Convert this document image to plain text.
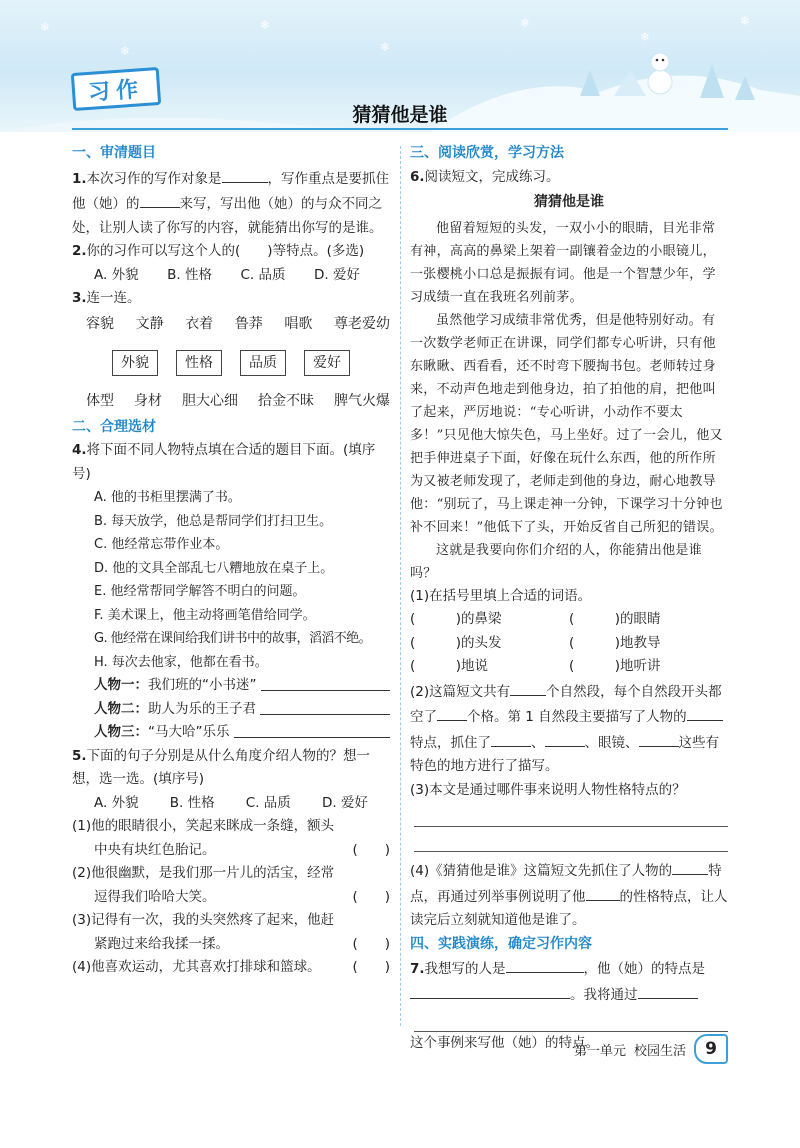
❄
❄
❄
❄
❄
❄
❄
习作
猜猜他是谁
一、审清题目

1.本次习作的写作对象是	，写作重点是要抓住他（她）的	来写，写出他（她）的与众不同之处，让别人读了你写的内容，就能猜出你写的是谁。

2.你的习作可以写这个人的(　　)等特点。(多选)

A. 外貌 B. 性格 C. 品质 D. 爱好

3.连一连。

容貌 文静 衣着 鲁莽 唱歌 尊老爱幼
外貌	性格	品质	爱好
体型 身材 胆大心细 拾金不昧 脾气火爆
二、合理选材

4.将下面不同人物特点填在合适的题目下面。(填序号)

A. 他的书柜里摆满了书。
B. 每天放学，他总是帮同学们打扫卫生。
C. 他经常忘带作业本。
D. 他的文具全部乱七八糟地放在桌子上。
E. 他经常帮同学解答不明白的问题。
F. 美术课上，他主动将画笔借给同学。
G. 他经常在课间给我们讲书中的故事，滔滔不绝。
H. 每次去他家，他都在看书。
人物一： 我们班的“小书迷”
人物二： 助人为乐的王子君
人物三： “马大哈”乐乐

5.下面的句子分别是从什么角度介绍人物的？想一想，选一选。(填序号)

A. 外貌 B. 性格 C. 品质 D. 爱好
(1)他的眼睛很小，笑起来眯成一条缝，额头
中央有块红色胎记。	(　　)
(2)他很幽默，是我们那一片儿的活宝，经常
逗得我们哈哈大笑。	(　　)
(3)记得有一次，我的头突然疼了起来，他赶
紧跑过来给我揉一揉。	(　　)
(4)他喜欢运动，尤其喜欢打排球和篮球。 (　　)
三、阅读欣赏，学习方法

6.阅读短文，完成练习。

猜猜他是谁

他留着短短的头发，一双小小的眼睛，目光非常有神，高高的鼻梁上架着一副镶着金边的小眼镜儿，一张樱桃小口总是振振有词。他是一个智慧少年，学习成绩一直在我班名列前茅。

虽然他学习成绩非常优秀，但是他特别好动。有一次数学老师正在讲课，同学们都专心听讲，只有他东瞅瞅、西看看，还不时弯下腰掏书包。老师转过身来，不动声色地走到他身边，拍了拍他的肩，把他叫了起来，严厉地说：“专心听讲，小动作不要太多！”只见他大惊失色，马上坐好。过了一会儿，他又把手伸进桌子下面，好像在玩什么东西，他的所作所为又被老师发现了，老师走到他的身边，耐心地教导他：“别玩了，马上课走神一分钟，下课学习十分钟也补不回来！”他低下了头，开始反省自己所犯的错误。

这就是我要向你们介绍的人，你能猜出他是谁吗？

(1)在括号里填上合适的词语。
(　　　)的鼻梁	(　　　)的眼睛
(　　　)的头发	(　　　)地教导
(　　　)地说	(　　　)地听讲
(2)这篇短文共有	个自然段，每个自然段开头都空了 个格。第 1 自然段主要描写了人物的特点，抓住了	、	、眼镜、	这些有特色的地方进行了描写。
(3)本文是通过哪件事来说明人物性格特点的？
(4)《猜猜他是谁》这篇短文先抓住了人物的	特点，再通过列举事例说明了他	的性格特点，让人读完后立刻就知道他是谁了。
四、实践演练，确定习作内容
7.我想写的人是	，他（她）的特点是。我将通过
这个事例来写他（她）的特点。
第一单元 校园生活	9
